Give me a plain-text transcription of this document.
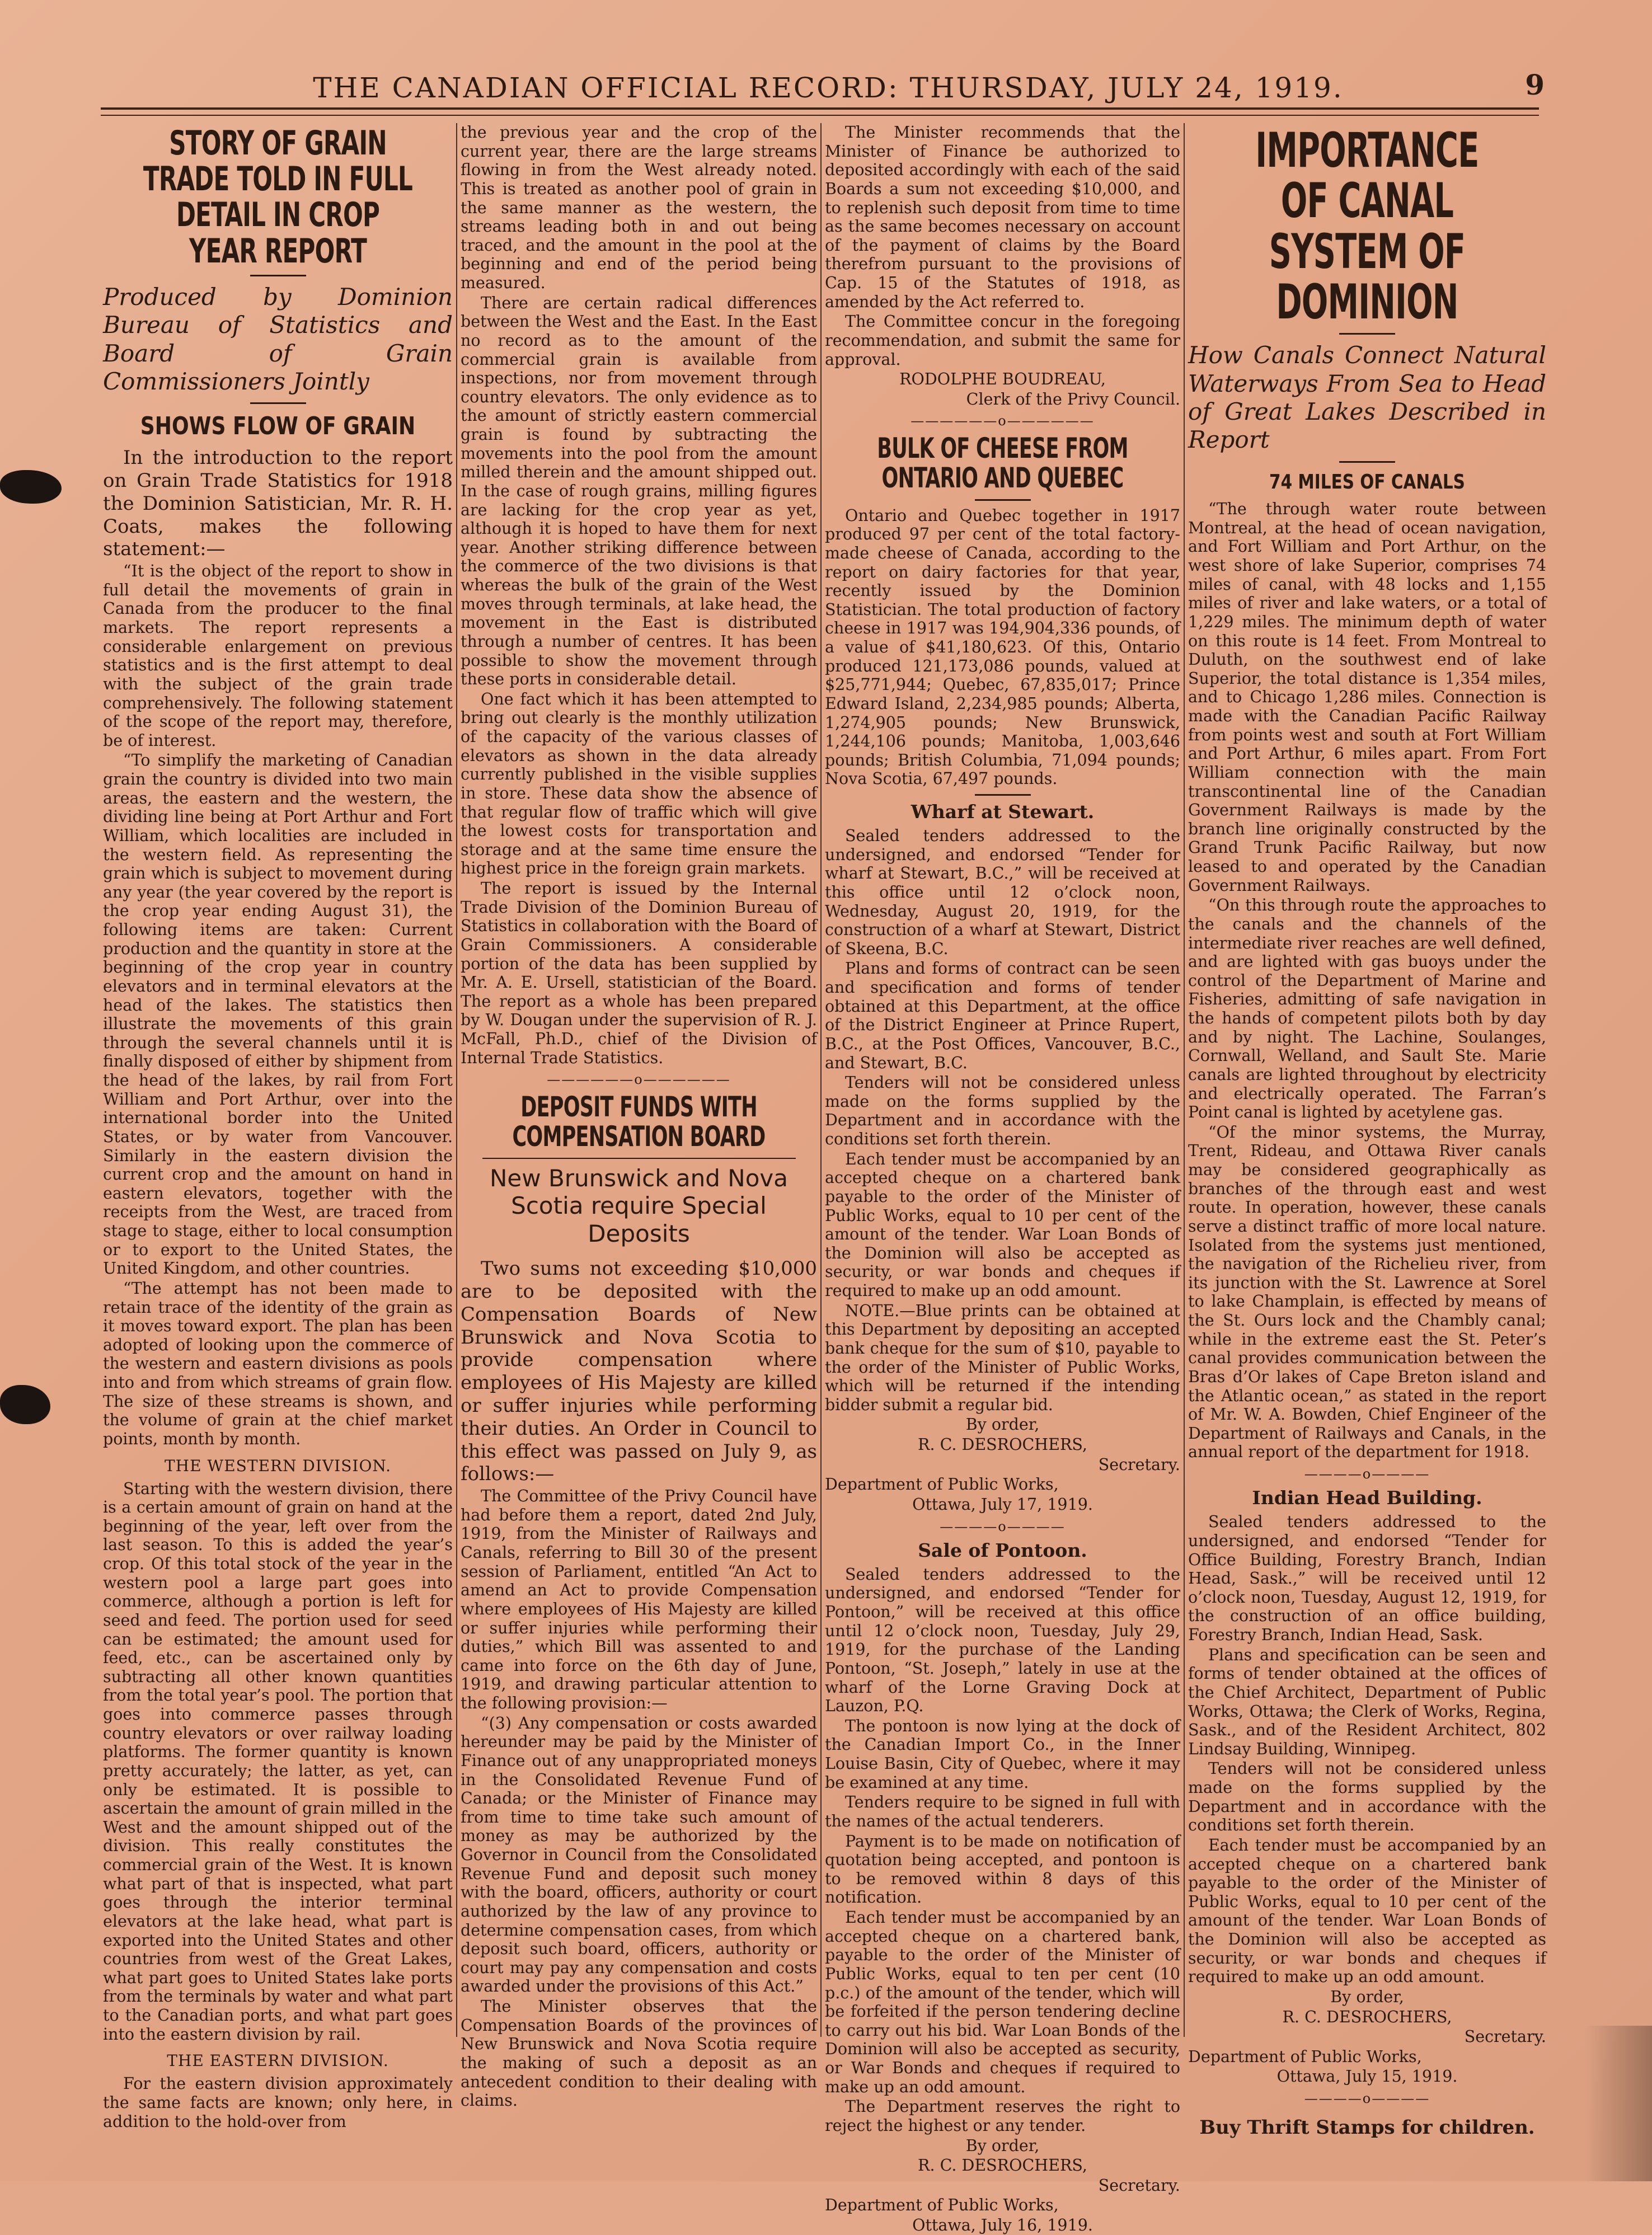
THE CANADIAN OFFICIAL RECORD: THURSDAY, JULY 24, 1919.	9
STORY OF GRAIN TRADE TOLD IN FULL DETAIL IN CROP YEAR REPORT
Produced by Dominion Bureau of Statistics and Board of Grain Commissioners Jointly
SHOWS FLOW OF GRAIN

In the introduction to the report on Grain Trade Statistics for 1918 the Dominion Satistician, Mr. R. H. Coats, makes the following statement:—

“It is the object of the report to show in full detail the movements of grain in Canada from the producer to the final markets. The report represents a considerable enlargement on previous statistics and is the first attempt to deal with the subject of the grain trade comprehensively. The following statement of the scope of the report may, therefore, be of interest.

“To simplify the marketing of Canadian grain the country is divided into two main areas, the eastern and the western, the dividing line being at Port Arthur and Fort William, which localities are included in the western field. As representing the grain which is subject to movement during any year (the year covered by the report is the crop year ending August 31), the following items are taken: Current production and the quantity in store at the beginning of the crop year in country elevators and in terminal elevators at the head of the lakes. The statistics then illustrate the movements of this grain through the several channels until it is finally disposed of either by shipment from the head of the lakes, by rail from Fort William and Port Arthur, over into the international border into the United States, or by water from Vancouver. Similarly in the eastern division the current crop and the amount on hand in eastern elevators, together with the receipts from the West, are traced from stage to stage, either to local consumption or to export to the United States, the United Kingdom, and other countries.

“The attempt has not been made to retain trace of the identity of the grain as it moves toward export. The plan has been adopted of looking upon the commerce of the western and eastern divisions as pools into and from which streams of grain flow. The size of these streams is shown, and the volume of grain at the chief market points, month by month.

THE WESTERN DIVISION.

Starting with the western division, there is a certain amount of grain on hand at the beginning of the year, left over from the last season. To this is added the year’s crop. Of this total stock of the year in the western pool a large part goes into commerce, although a portion is left for seed and feed. The portion used for seed can be estimated; the amount used for feed, etc., can be ascertained only by subtracting all other known quantities from the total year’s pool. The portion that goes into commerce passes through country elevators or over railway loading platforms. The former quantity is known pretty accurately; the latter, as yet, can only be estimated. It is possible to ascertain the amount of grain milled in the West and the amount shipped out of the division. This really constitutes the commercial grain of the West. It is known what part of that is inspected, what part goes through the interior terminal elevators at the lake head, what part is exported into the United States and other countries from west of the Great Lakes, what part goes to United States lake ports from the terminals by water and what part to the Canadian ports, and what part goes into the eastern division by rail.

THE EASTERN DIVISION.

For the eastern division approximately the same facts are known; only here, in addition to the hold-over from

the previous year and the crop of the current year, there are the large streams flowing in from the West already noted. This is treated as another pool of grain in the same manner as the western, the streams leading both in and out being traced, and the amount in the pool at the beginning and end of the period being measured.

There are certain radical differences between the West and the East. In the East no record as to the amount of the commercial grain is available from inspections, nor from movement through country elevators. The only evidence as to the amount of strictly eastern commercial grain is found by subtracting the movements into the pool from the amount milled therein and the amount shipped out. In the case of rough grains, milling figures are lacking for the crop year as yet, although it is hoped to have them for next year. Another striking difference between the commerce of the two divisions is that whereas the bulk of the grain of the West moves through terminals, at lake head, the movement in the East is distributed through a number of centres. It has been possible to show the movement through these ports in considerable detail.

One fact which it has been attempted to bring out clearly is the monthly utilization of the capacity of the various classes of elevators as shown in the data already currently published in the visible supplies in store. These data show the absence of that regular flow of traffic which will give the lowest costs for transportation and storage and at the same time ensure the highest price in the foreign grain markets.

The report is issued by the Internal Trade Division of the Dominion Bureau of Statistics in collaboration with the Board of Grain Commissioners. A considerable portion of the data has been supplied by Mr. A. E. Ursell, statistician of the Board. The report as a whole has been prepared by W. Dougan under the supervision of R. J. McFall, Ph.D., chief of the Division of Internal Trade Statistics.

——————o——————
DEPOSIT FUNDS WITH COMPENSATION BOARD
New Brunswick and Nova Scotia require Special Deposits

Two sums not exceeding $10,000 are to be deposited with the Compensation Boards of New Brunswick and Nova Scotia to provide compensation where employees of His Majesty are killed or suffer injuries while performing their duties. An Order in Council to this effect was passed on July 9, as follows:—

The Committee of the Privy Council have had before them a report, dated 2nd July, 1919, from the Minister of Railways and Canals, referring to Bill 30 of the present session of Parliament, entitled “An Act to amend an Act to provide Compensation where employees of His Majesty are killed or suffer injuries while performing their duties,” which Bill was assented to and came into force on the 6th day of June, 1919, and drawing particular attention to the following provision:—

“(3) Any compensation or costs awarded hereunder may be paid by the Minister of Finance out of any unappropriated moneys in the Consolidated Revenue Fund of Canada; or the Minister of Finance may from time to time take such amount of money as may be authorized by the Governor in Council from the Consolidated Revenue Fund and deposit such money with the board, officers, authority or court authorized by the law of any province to determine compensation cases, from which deposit such board, officers, authority or court may pay any compensation and costs awarded under the provisions of this Act.”

The Minister observes that the Compensation Boards of the provinces of New Brunswick and Nova Scotia require the making of such a deposit as an antecedent condition to their dealing with claims.

The Minister recommends that the Minister of Finance be authorized to deposited accordingly with each of the said Boards a sum not exceeding $10,000, and to replenish such deposit from time to time as the same becomes necessary on account of the payment of claims by the Board therefrom pursuant to the provisions of Cap. 15 of the Statutes of 1918, as amended by the Act referred to.

The Committee concur in the foregoing recommendation, and submit the same for approval.

RODOLPHE BOUDREAU,

Clerk of the Privy Council.

——————o——————
BULK OF CHEESE FROM ONTARIO AND QUEBEC

Ontario and Quebec together in 1917 produced 97 per cent of the total factory-made cheese of Canada, according to the report on dairy factories for that year, recently issued by the Dominion Statistician. The total production of factory cheese in 1917 was 194,904,336 pounds, of a value of $41,180,623. Of this, Ontario produced 121,173,086 pounds, valued at $25,771,944; Quebec, 67,835,017; Prince Edward Island, 2,234,985 pounds; Alberta, 1,274,905 pounds; New Brunswick, 1,244,106 pounds; Manitoba, 1,003,646 pounds; British Columbia, 71,094 pounds; Nova Scotia, 67,497 pounds.

Wharf at Stewart.

Sealed tenders addressed to the undersigned, and endorsed “Tender for wharf at Stewart, B.C.,” will be received at this office until 12 o’clock noon, Wednesday, August 20, 1919, for the construction of a wharf at Stewart, District of Skeena, B.C.

Plans and forms of contract can be seen and specification and forms of tender obtained at this Department, at the office of the District Engineer at Prince Rupert, B.C., at the Post Offices, Vancouver, B.C., and Stewart, B.C.

Tenders will not be considered unless made on the forms supplied by the Department and in accordance with the conditions set forth therein.

Each tender must be accompanied by an accepted cheque on a chartered bank payable to the order of the Minister of Public Works, equal to 10 per cent of the amount of the tender. War Loan Bonds of the Dominion will also be accepted as security, or war bonds and cheques if required to make up an odd amount.

NOTE.—Blue prints can be obtained at this Department by depositing an accepted bank cheque for the sum of $10, payable to the order of the Minister of Public Works, which will be returned if the intending bidder submit a regular bid.

By order,

R. C. DESROCHERS,

Secretary.

Department of Public Works,

Ottawa, July 17, 1919.

————o————
Sale of Pontoon.

Sealed tenders addressed to the undersigned, and endorsed “Tender for Pontoon,” will be received at this office until 12 o’clock noon, Tuesday, July 29, 1919, for the purchase of the Landing Pontoon, “St. Joseph,” lately in use at the wharf of the Lorne Graving Dock at Lauzon, P.Q.

The pontoon is now lying at the dock of the Canadian Import Co., in the Inner Louise Basin, City of Quebec, where it may be examined at any time.

Tenders require to be signed in full with the names of the actual tenderers.

Payment is to be made on notification of quotation being accepted, and pontoon is to be removed within 8 days of this notification.

Each tender must be accompanied by an accepted cheque on a chartered bank, payable to the order of the Minister of Public Works, equal to ten per cent (10 p.c.) of the amount of the tender, which will be forfeited if the person tendering decline to carry out his bid. War Loan Bonds of the Dominion will also be accepted as security, or War Bonds and cheques if required to make up an odd amount.

The Department reserves the right to reject the highest or any tender.

By order,

R. C. DESROCHERS,

Secretary.

Department of Public Works,

Ottawa, July 16, 1919.

IMPORTANCE OF CANAL SYSTEM OF DOMINION
How Canals Connect Natural Waterways From Sea to Head of Great Lakes Described in Report
74 MILES OF CANALS

“The through water route between Montreal, at the head of ocean navigation, and Fort William and Port Arthur, on the west shore of lake Superior, comprises 74 miles of canal, with 48 locks and 1,155 miles of river and lake waters, or a total of 1,229 miles. The minimum depth of water on this route is 14 feet. From Montreal to Duluth, on the southwest end of lake Superior, the total distance is 1,354 miles, and to Chicago 1,286 miles. Connection is made with the Canadian Pacific Railway from points west and south at Fort William and Port Arthur, 6 miles apart. From Fort William connection with the main transcontinental line of the Canadian Government Railways is made by the branch line originally constructed by the Grand Trunk Pacific Railway, but now leased to and operated by the Canadian Government Railways.

“On this through route the approaches to the canals and the channels of the intermediate river reaches are well defined, and are lighted with gas buoys under the control of the Department of Marine and Fisheries, admitting of safe navigation in the hands of competent pilots both by day and by night. The Lachine, Soulanges, Cornwall, Welland, and Sault Ste. Marie canals are lighted throughout by electricity and electrically operated. The Farran’s Point canal is lighted by acetylene gas.

“Of the minor systems, the Murray, Trent, Rideau, and Ottawa River canals may be considered geographically as branches of the through east and west route. In operation, however, these canals serve a distinct traffic of more local nature. Isolated from the systems just mentioned, the navigation of the Richelieu river, from its junction with the St. Lawrence at Sorel to lake Champlain, is effected by means of the St. Ours lock and the Chambly canal; while in the extreme east the St. Peter’s canal provides communication between the Bras d’Or lakes of Cape Breton island and the Atlantic ocean,” as stated in the report of Mr. W. A. Bowden, Chief Engineer of the Department of Railways and Canals, in the annual report of the department for 1918.

————o————
Indian Head Building.

Sealed tenders addressed to the undersigned, and endorsed “Tender for Office Building, Forestry Branch, Indian Head, Sask.,” will be received until 12 o’clock noon, Tuesday, August 12, 1919, for the construction of an office building, Forestry Branch, Indian Head, Sask.

Plans and specification can be seen and forms of tender obtained at the offices of the Chief Architect, Department of Public Works, Ottawa; the Clerk of Works, Regina, Sask., and of the Resident Architect, 802 Lindsay Building, Winnipeg.

Tenders will not be considered unless made on the forms supplied by the Department and in accordance with the conditions set forth therein.

Each tender must be accompanied by an accepted cheque on a chartered bank payable to the order of the Minister of Public Works, equal to 10 per cent of the amount of the tender. War Loan Bonds of the Dominion will also be accepted as security, or war bonds and cheques if required to make up an odd amount.

By order,

R. C. DESROCHERS,

Secretary.

Department of Public Works,

Ottawa, July 15, 1919.

————o————
Buy Thrift Stamps for children.
